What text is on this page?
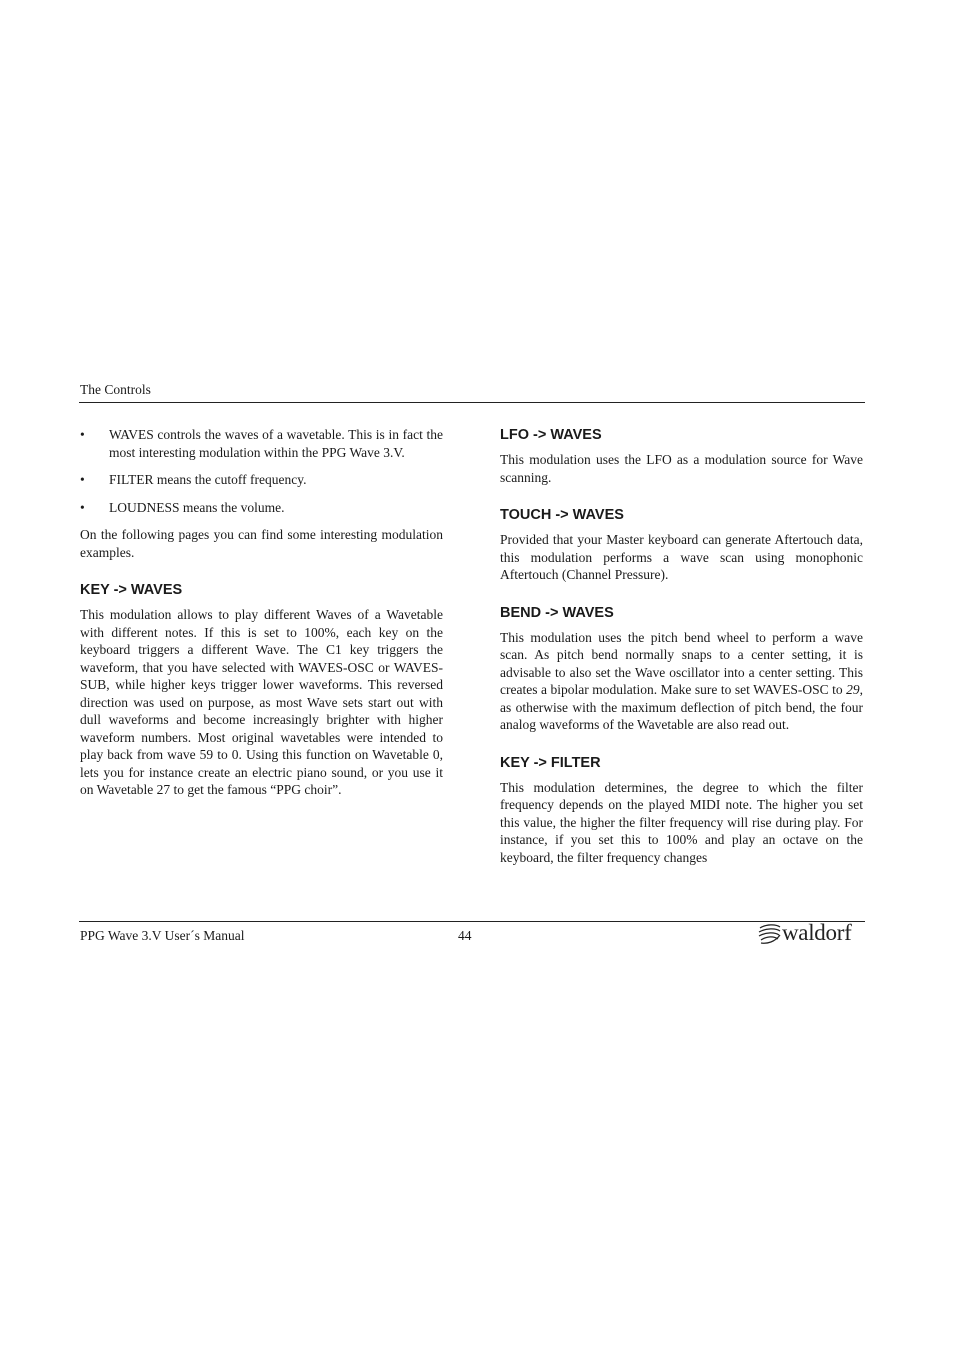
The Controls
• WAVES controls the waves of a wavetable. This is in fact the most interesting modulation within the PPG Wave 3.V.
• FILTER means the cutoff frequency.
• LOUDNESS means the volume.

On the following pages you can find some interesting modulation examples.

KEY -> WAVES

This modulation allows to play different Waves of a Wavetable with different notes. If this is set to 100%, each key on the keyboard triggers a different Wave. The C1 key triggers the waveform, that you have selected with WAVES-OSC or WAVES-SUB, while higher keys trigger lower waveforms. This reversed direction was used on purpose, as most Wave sets start out with dull waveforms and become increasingly brighter with higher waveform numbers. Most original wavetables were intended to play back from wave 59 to 0. Using this function on Wavetable 0, lets you for instance create an electric piano sound, or you use it on Wavetable 27 to get the famous “PPG choir”.

LFO -> WAVES

This modulation uses the LFO as a modulation source for Wave scanning.

TOUCH -> WAVES

Provided that your Master keyboard can generate Aftertouch data, this modulation performs a wave scan using monophonic Aftertouch (Channel Pressure).

BEND -> WAVES

This modulation uses the pitch bend wheel to perform a wave scan. As pitch bend normally snaps to a center setting, it is advisable to also set the Wave oscillator into a center setting. This creates a bipolar modulation. Make sure to set WAVES-OSC to 29, as otherwise with the maximum deflection of pitch bend, the four analog waveforms of the Wavetable are also read out.

KEY -> FILTER

This modulation determines, the degree to which the filter frequency depends on the played MIDI note. The higher you set this value, the higher the filter frequency will rise during play. For instance, if you set this to 100% and play an octave on the keyboard, the filter frequency changes

PPG Wave 3.V User´s Manual	44	waldorf
